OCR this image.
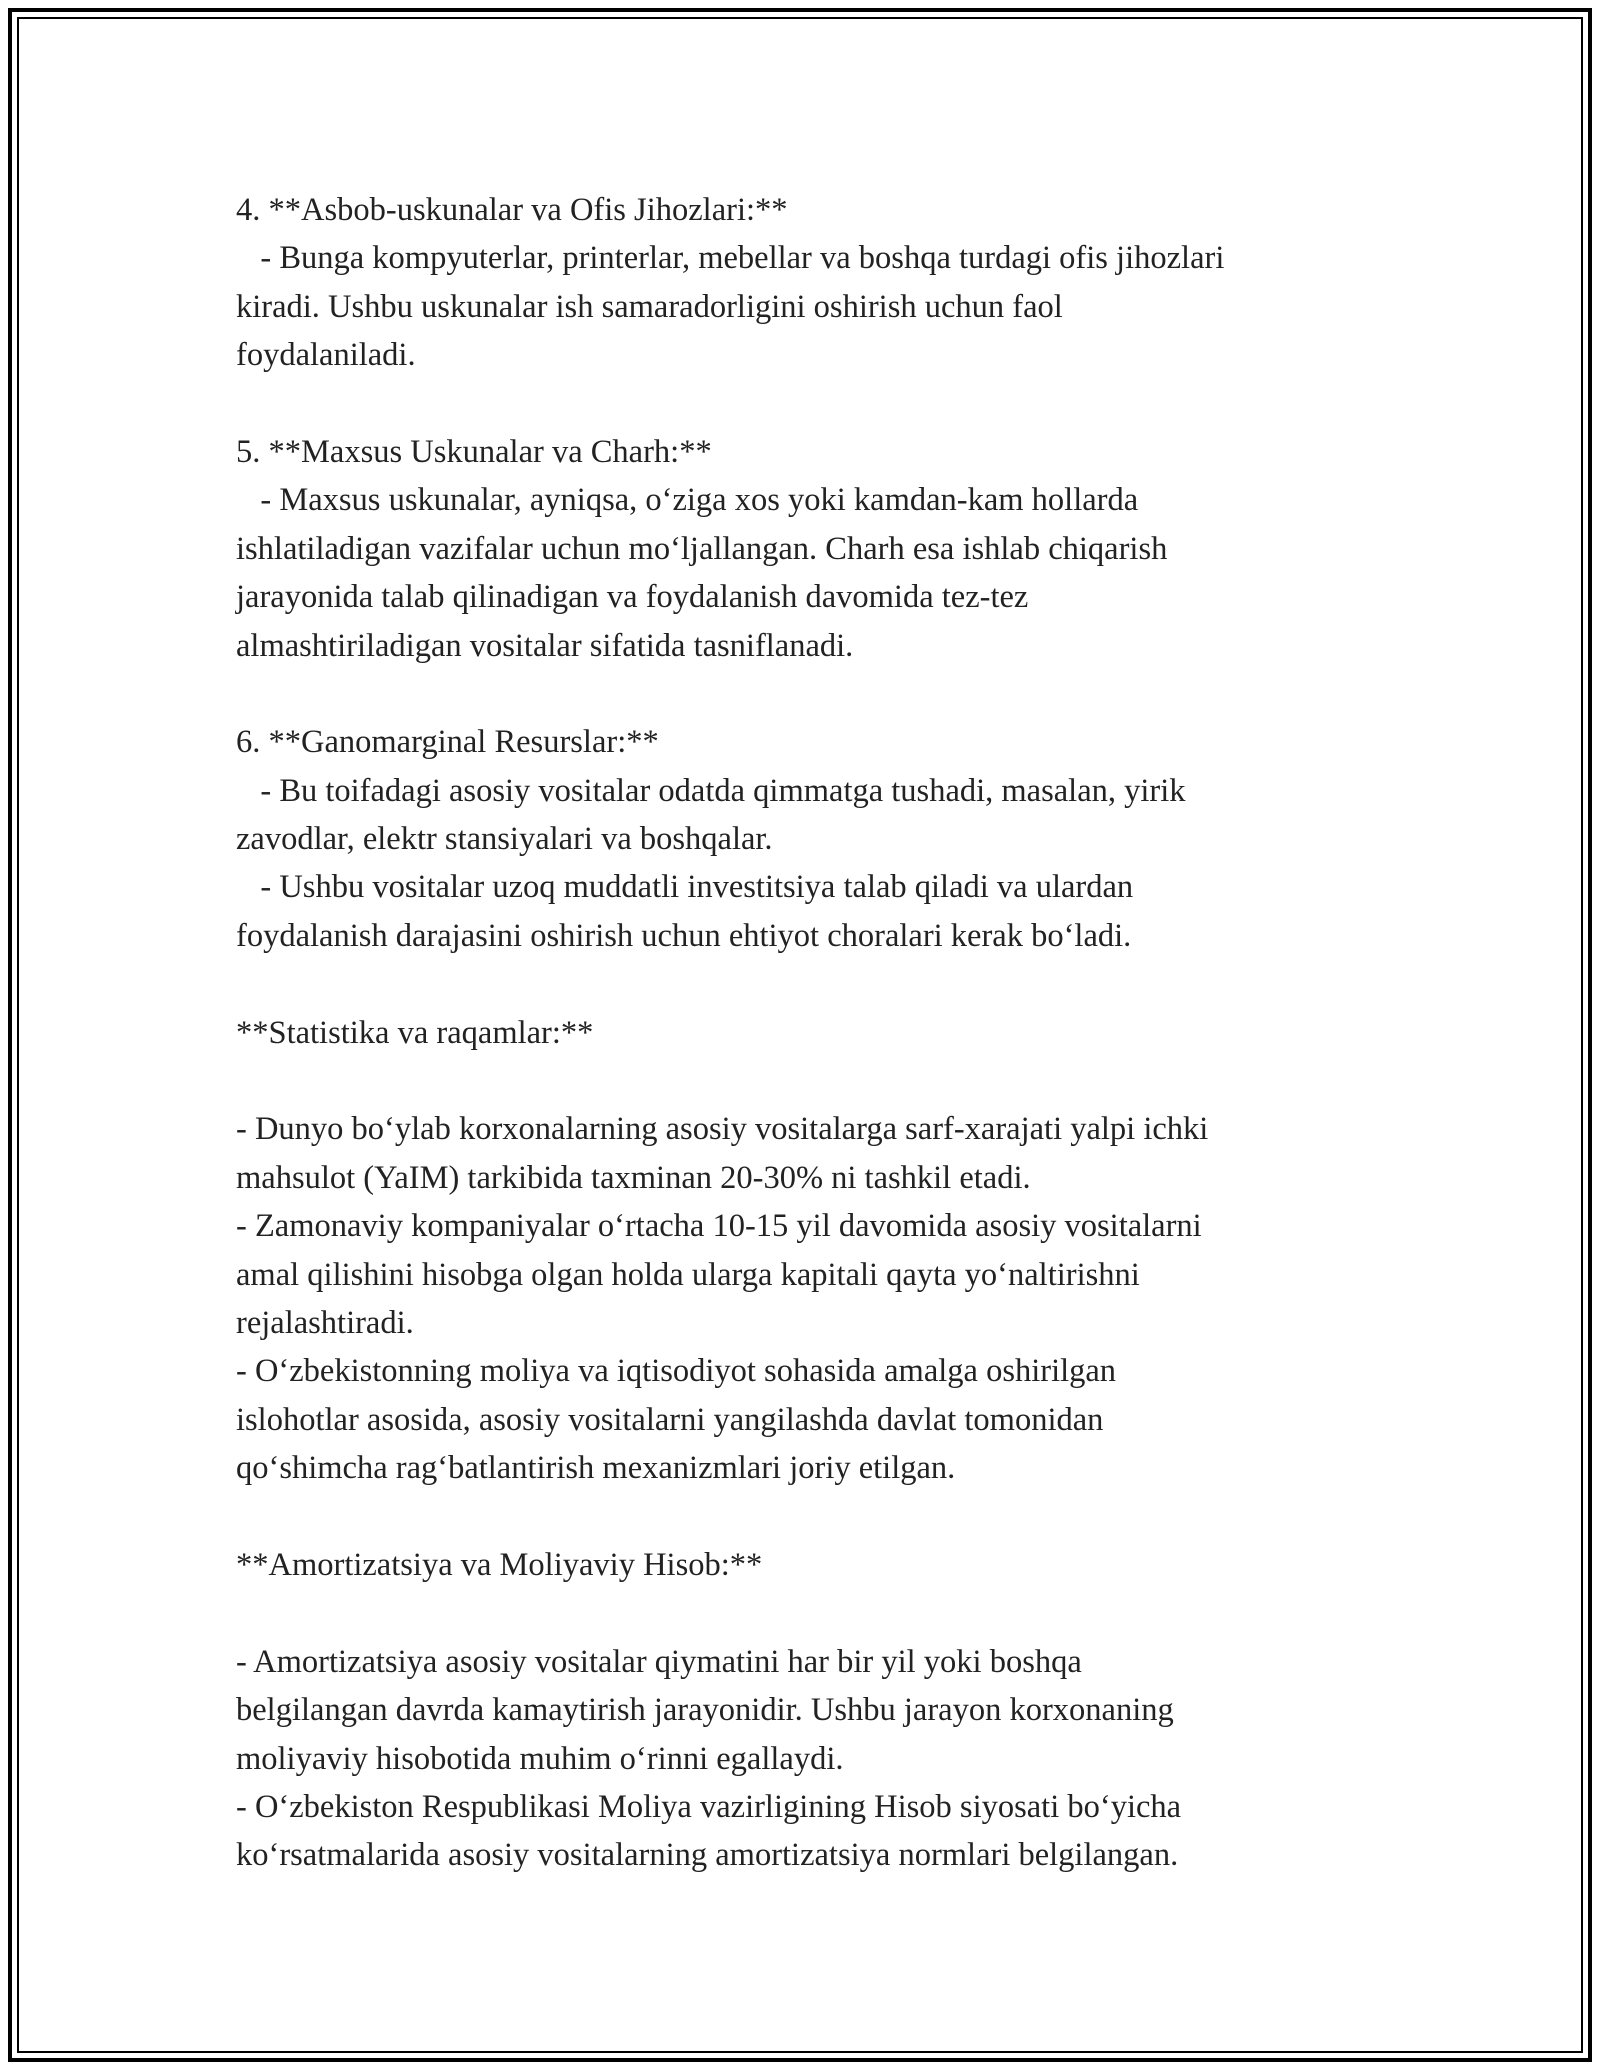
4. **Asbob-uskunalar va Ofis Jihozlari:**
- Bunga kompyuterlar, printerlar, mebellar va boshqa turdagi ofis jihozlari
kiradi. Ushbu uskunalar ish samaradorligini oshirish uchun faol
foydalaniladi.
5. **Maxsus Uskunalar va Charh:**
- Maxsus uskunalar, ayniqsa, o‘ziga xos yoki kamdan-kam hollarda
ishlatiladigan vazifalar uchun mo‘ljallangan. Charh esa ishlab chiqarish
jarayonida talab qilinadigan va foydalanish davomida tez-tez
almashtiriladigan vositalar sifatida tasniflanadi.
6. **Ganomarginal Resurslar:**
- Bu toifadagi asosiy vositalar odatda qimmatga tushadi, masalan, yirik
zavodlar, elektr stansiyalari va boshqalar.
- Ushbu vositalar uzoq muddatli investitsiya talab qiladi va ulardan
foydalanish darajasini oshirish uchun ehtiyot choralari kerak bo‘ladi.
**Statistika va raqamlar:**
- Dunyo bo‘ylab korxonalarning asosiy vositalarga sarf-xarajati yalpi ichki
mahsulot (YaIM) tarkibida taxminan 20-30% ni tashkil etadi.
- Zamonaviy kompaniyalar o‘rtacha 10-15 yil davomida asosiy vositalarni
amal qilishini hisobga olgan holda ularga kapitali qayta yo‘naltirishni
rejalashtiradi.
- O‘zbekistonning moliya va iqtisodiyot sohasida amalga oshirilgan
islohotlar asosida, asosiy vositalarni yangilashda davlat tomonidan
qo‘shimcha rag‘batlantirish mexanizmlari joriy etilgan.
**Amortizatsiya va Moliyaviy Hisob:**
- Amortizatsiya asosiy vositalar qiymatini har bir yil yoki boshqa
belgilangan davrda kamaytirish jarayonidir. Ushbu jarayon korxonaning
moliyaviy hisobotida muhim o‘rinni egallaydi.
- O‘zbekiston Respublikasi Moliya vazirligining Hisob siyosati bo‘yicha
ko‘rsatmalarida asosiy vositalarning amortizatsiya normlari belgilangan.
